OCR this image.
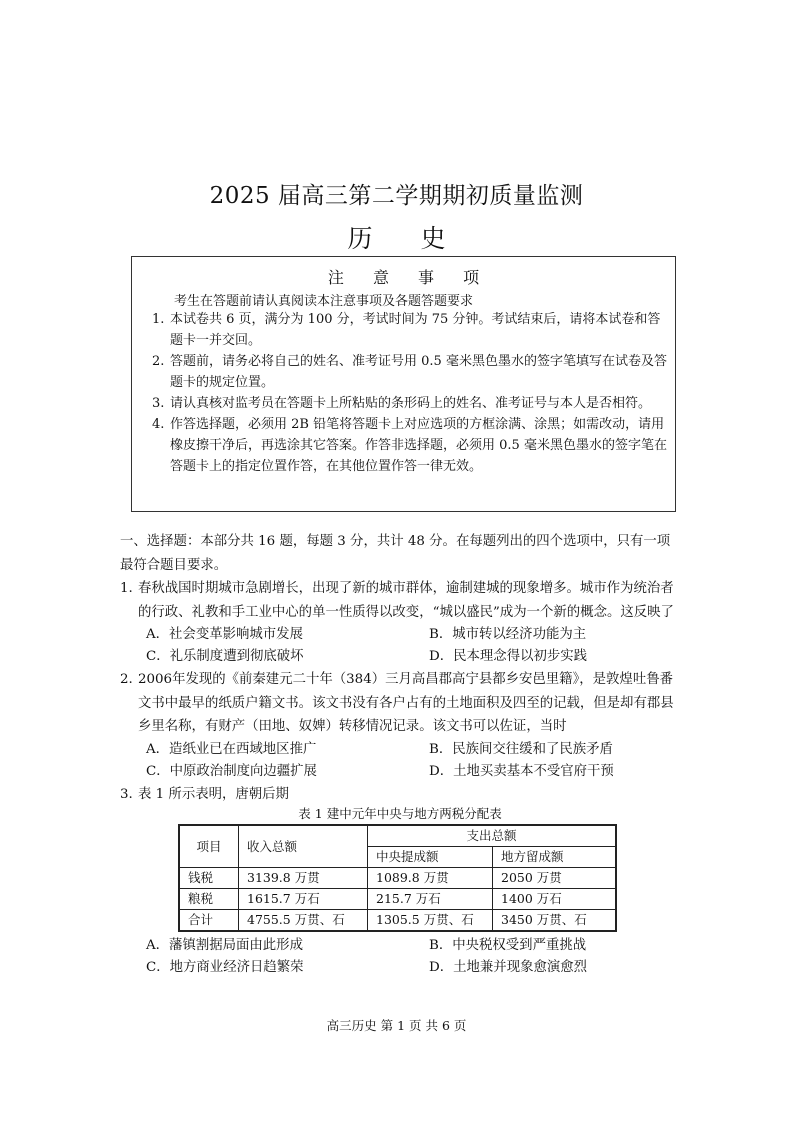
2025 届高三第二学期期初质量监测
历 史
注 意 事 项
考生在答题前请认真阅读本注意事项及各题答题要求
1. 本试卷共 6 页，满分为 100 分，考试时间为 75 分钟。考试结束后，请将本试卷和答题卡一并交回。
2. 答题前，请务必将自己的姓名、准考证号用 0.5 毫米黑色墨水的签字笔填写在试卷及答题卡的规定位置。
3. 请认真核对监考员在答题卡上所粘贴的条形码上的姓名、准考证号与本人是否相符。
4. 作答选择题，必须用 2B 铅笔将答题卡上对应选项的方框涂满、涂黑；如需改动，请用橡皮擦干净后，再选涂其它答案。作答非选择题，必须用 0.5 毫米黑色墨水的签字笔在答题卡上的指定位置作答，在其他位置作答一律无效。
一、选择题：本部分共 16 题，每题 3 分，共计 48 分。在每题列出的四个选项中，只有一项最符合题目要求。
1. 春秋战国时期城市急剧增长，出现了新的城市群体，逾制建城的现象增多。城市作为统治者的行政、礼教和手工业中心的单一性质得以改变，“城以盛民”成为一个新的概念。这反映了
A．社会变革影响城市发展	B．城市转以经济功能为主
C．礼乐制度遭到彻底破坏	D．民本理念得以初步实践
2. 2006年发现的《前秦建元二十年（384）三月高昌郡高宁县都乡安邑里籍》，是敦煌吐鲁番文书中最早的纸质户籍文书。该文书没有各户占有的土地面积及四至的记载，但是却有郡县乡里名称，有财产（田地、奴婢）转移情况记录。该文书可以佐证，当时
A．造纸业已在西域地区推广	B．民族间交往缓和了民族矛盾
C．中原政治制度向边疆扩展	D．土地买卖基本不受官府干预
3. 表 1 所示表明，唐朝后期
表 1 建中元年中央与地方两税分配表
项目	收入总额	支出总额	
		中央提成额	地方留成额
钱税	3139.8 万贯	1089.8 万贯	2050 万贯
粮税	1615.7 万石	215.7 万石	1400 万石
合计	4755.5 万贯、石	1305.5 万贯、石	3450 万贯、石
A．藩镇割据局面由此形成	B．中央税权受到严重挑战
C．地方商业经济日趋繁荣	D．土地兼并现象愈演愈烈
高三历史 第 1 页 共 6 页
